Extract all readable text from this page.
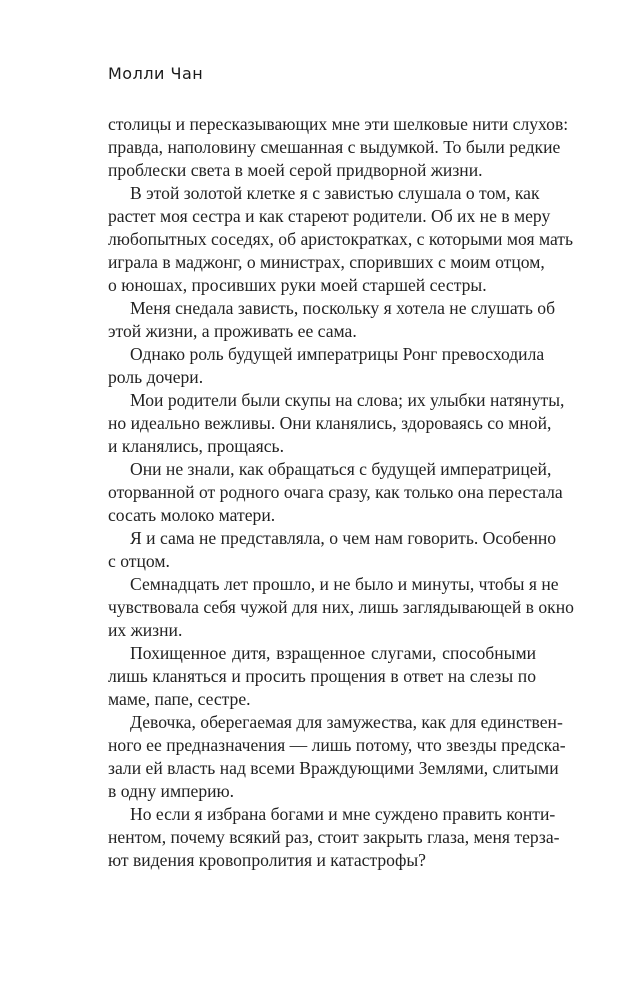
Молли Чан
столицы и пересказывающих мне эти шелковые нити слухов:
правда, наполовину смешанная с выдумкой. То были редкие
проблески света в моей серой придворной жизни.
В этой золотой клетке я с завистью слушала о том, как
растет моя сестра и как стареют родители. Об их не в меру
любопытных соседях, об аристократках, с которыми моя мать
играла в маджонг, о министрах, споривших с моим отцом,
о юношах, просивших руки моей старшей сестры.
Меня снедала зависть, поскольку я хотела не слушать об
этой жизни, а проживать ее сама.
Однако роль будущей императрицы Ронг превосходила
роль дочери.
Мои родители были скупы на слова; их улыбки натянуты,
но идеально вежливы. Они кланялись, здороваясь со мной,
и кланялись, прощаясь.
Они не знали, как обращаться с будущей императрицей,
оторванной от родного очага сразу, как только она перестала
сосать молоко матери.
Я и сама не представляла, о чем нам говорить. Особенно
с отцом.
Семнадцать лет прошло, и не было и минуты, чтобы я не
чувствовала себя чужой для них, лишь заглядывающей в окно
их жизни.
Похищенное дитя, взращенное слугами, способными
лишь кланяться и просить прощения в ответ на слезы по
маме, папе, сестре.
Девочка, оберегаемая для замужества, как для единствен-
ного ее предназначения — лишь потому, что звезды предска-
зали ей власть над всеми Враждующими Землями, слитыми
в одну империю.
Но если я избрана богами и мне суждено править конти-
нентом, почему всякий раз, стоит закрыть глаза, меня терза-
ют видения кровопролития и катастрофы?
